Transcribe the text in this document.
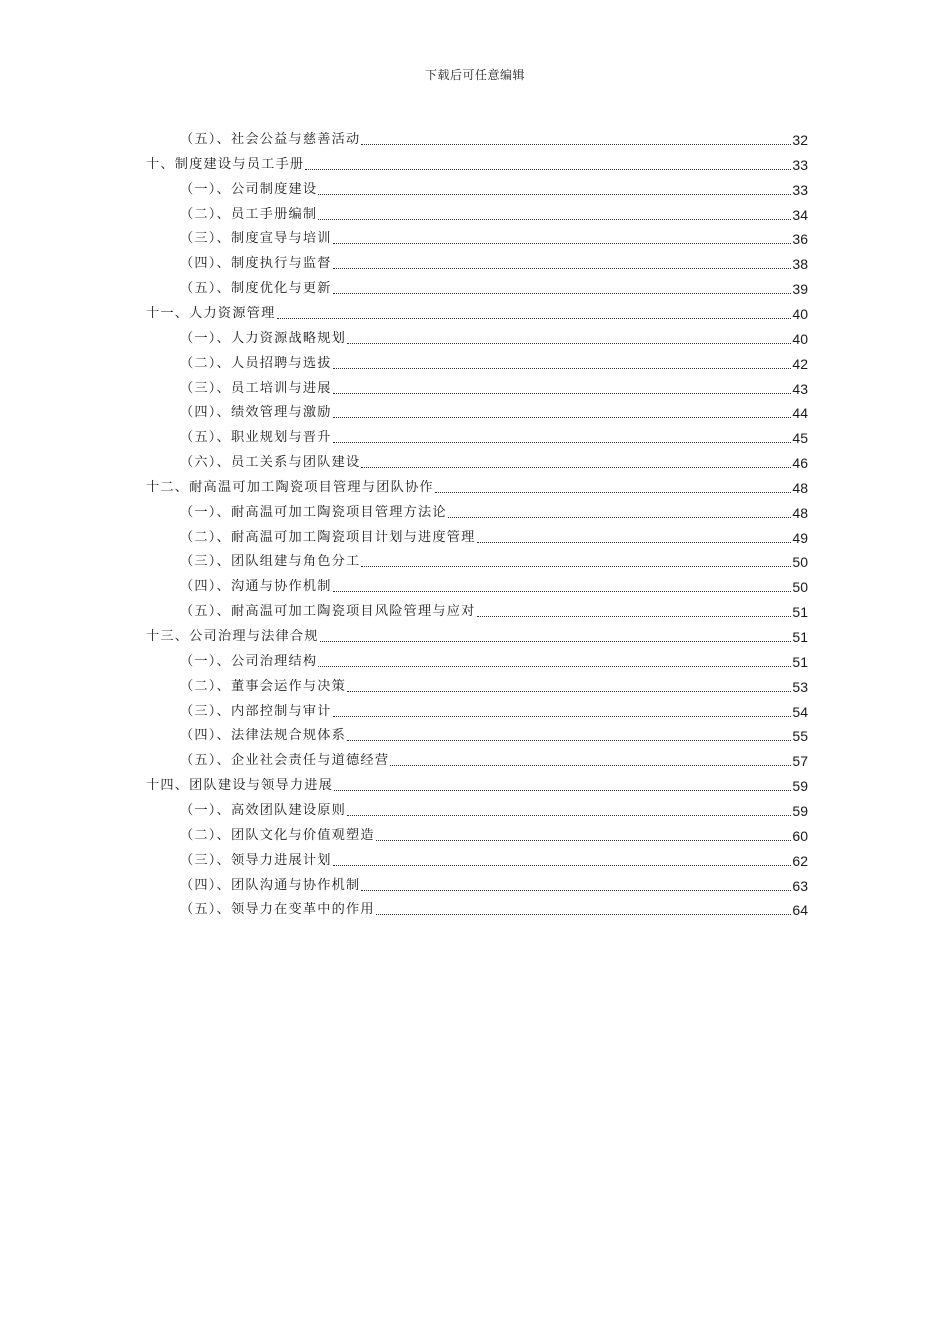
下载后可任意编辑
（五）、社会公益与慈善活动	32
十、制度建设与员工手册	33
（一）、公司制度建设	33
（二）、员工手册编制	34
（三）、制度宣导与培训	36
（四）、制度执行与监督	38
（五）、制度优化与更新	39
十一、人力资源管理	40
（一）、人力资源战略规划	40
（二）、人员招聘与选拔	42
（三）、员工培训与进展	43
（四）、绩效管理与激励	44
（五）、职业规划与晋升	45
（六）、员工关系与团队建设	46
十二、耐高温可加工陶瓷项目管理与团队协作	48
（一）、耐高温可加工陶瓷项目管理方法论	48
（二）、耐高温可加工陶瓷项目计划与进度管理	49
（三）、团队组建与角色分工	50
（四）、沟通与协作机制	50
（五）、耐高温可加工陶瓷项目风险管理与应对	51
十三、公司治理与法律合规	51
（一）、公司治理结构	51
（二）、董事会运作与决策	53
（三）、内部控制与审计	54
（四）、法律法规合规体系	55
（五）、企业社会责任与道德经营	57
十四、团队建设与领导力进展	59
（一）、高效团队建设原则	59
（二）、团队文化与价值观塑造	60
（三）、领导力进展计划	62
（四）、团队沟通与协作机制	63
（五）、领导力在变革中的作用	64
